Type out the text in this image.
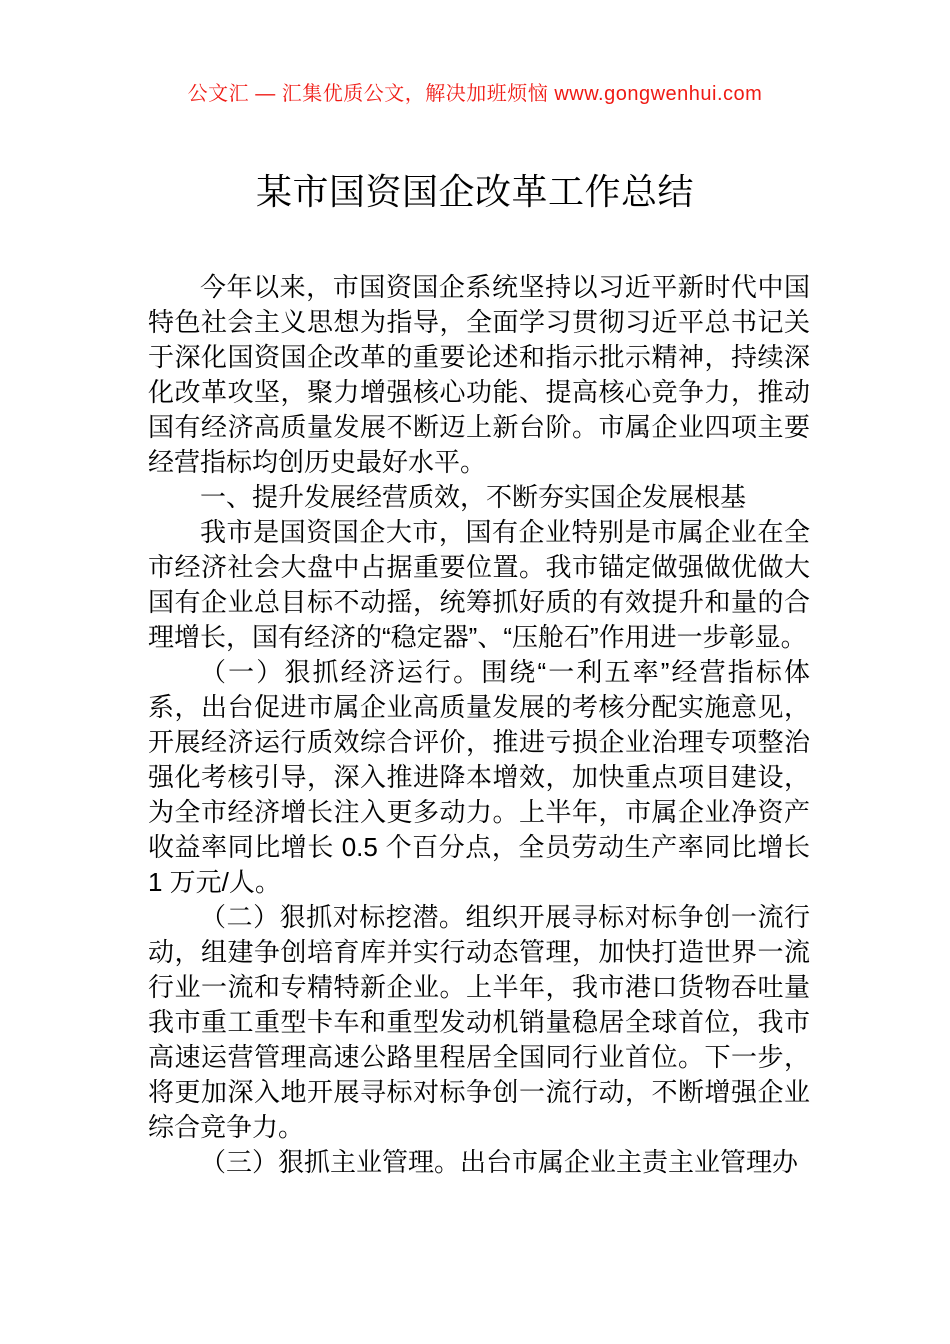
公文汇 — 汇集优质公文，解决加班烦恼 www.gongwenhui.com
某市国资国企改革工作总结

今年以来，市国资国企系统坚持以习近平新时代中国特色社会主义思想为指导，全面学习贯彻习近平总书记关于深化国资国企改革的重要论述和指示批示精神，持续深化改革攻坚，聚力增强核心功能、提高核心竞争力，推动国有经济高质量发展不断迈上新台阶。市属企业四项主要经营指标均创历史最好水平。

一、提升发展经营质效，不断夯实国企发展根基

我市是国资国企大市，国有企业特别是市属企业在全市经济社会大盘中占据重要位置。我市锚定做强做优做大国有企业总目标不动摇，统筹抓好质的有效提升和量的合理增长，国有经济的“稳定器”、“压舱石”作用进一步彰显。

（一）狠抓经济运行。围绕“一利五率”经营指标体系，出台促进市属企业高质量发展的考核分配实施意见，开展经济运行质效综合评价，推进亏损企业治理专项整治强化考核引导，深入推进降本增效，加快重点项目建设，为全市经济增长注入更多动力。上半年，市属企业净资产收益率同比增长 0.5 个百分点，全员劳动生产率同比增长 1 万元/人。

（二）狠抓对标挖潜。组织开展寻标对标争创一流行动，组建争创培育库并实行动态管理，加快打造世界一流行业一流和专精特新企业。上半年，我市港口货物吞吐量我市重工重型卡车和重型发动机销量稳居全球首位，我市高速运营管理高速公路里程居全国同行业首位。下一步，将更加深入地开展寻标对标争创一流行动，不断增强企业综合竞争力。

（三）狠抓主业管理。出台市属企业主责主业管理办
